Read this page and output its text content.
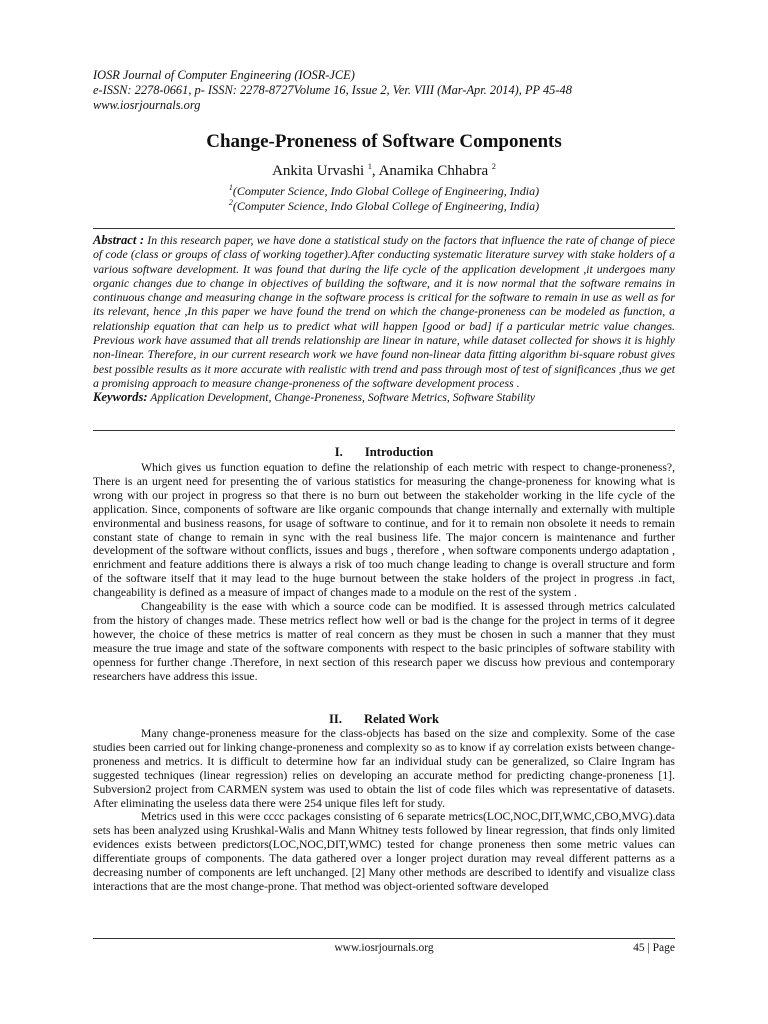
IOSR Journal of Computer Engineering (IOSR-JCE)
e-ISSN: 2278-0661, p- ISSN: 2278-8727Volume 16, Issue 2, Ver. VIII (Mar-Apr. 2014), PP 45-48
www.iosrjournals.org
Change-Proneness of Software Components
Ankita Urvashi $^1$, Anamika Chhabra $^2$
$^1$(Computer Science, Indo Global College of Engineering, India)
$^2$(Computer Science, Indo Global College of Engineering, India)
Abstract : In this research paper, we have done a statistical study on the factors that influence the rate of change of piece of code (class or groups of class of working together).After conducting systematic literature survey with stake holders of a various software development. It was found that during the life cycle of the application development ,it undergoes many organic changes due to change in objectives of building the software, and it is now normal that the software remains in continuous change and measuring change in the software process is critical for the software to remain in use as well as for its relevant, hence ,In this paper we have found the trend on which the change-proneness can be modeled as function, a relationship equation that can help us to predict what will happen [good or bad] if a particular metric value changes. Previous work have assumed that all trends relationship are linear in nature, while dataset collected for shows it is highly non-linear. Therefore, in our current research work we have found non-linear data fitting algorithm bi-square robust gives best possible results as it more accurate with realistic with trend and pass through most of test of significances ,thus we get a promising approach to measure change-proneness of the software development process .
Keywords: Application Development, Change-Proneness, Software Metrics, Software Stability
I. Introduction

Which gives us function equation to define the relationship of each metric with respect to change-proneness?, There is an urgent need for presenting the of various statistics for measuring the change-proneness for knowing what is wrong with our project in progress so that there is no burn out between the stakeholder working in the life cycle of the application. Since, components of software are like organic compounds that change internally and externally with multiple environmental and business reasons, for usage of software to continue, and for it to remain non obsolete it needs to remain constant state of change to remain in sync with the real business life. The major concern is maintenance and further development of the software without conflicts, issues and bugs , therefore , when software components undergo adaptation , enrichment and feature additions there is always a risk of too much change leading to change is overall structure and form of the software itself that it may lead to the huge burnout between the stake holders of the project in progress .in fact, changeability is defined as a measure of impact of changes made to a module on the rest of the system .

Changeability is the ease with which a source code can be modified. It is assessed through metrics calculated from the history of changes made. These metrics reflect how well or bad is the change for the project in terms of it degree however, the choice of these metrics is matter of real concern as they must be chosen in such a manner that they must measure the true image and state of the software components with respect to the basic principles of software stability with openness for further change .Therefore, in next section of this research paper we discuss how previous and contemporary researchers have address this issue.

II. Related Work

Many change-proneness measure for the class-objects has based on the size and complexity. Some of the case studies been carried out for linking change-proneness and complexity so as to know if ay correlation exists between change-proneness and metrics. It is difficult to determine how far an individual study can be generalized, so Claire Ingram has suggested techniques (linear regression) relies on developing an accurate method for predicting change-proneness [1]. Subversion2 project from CARMEN system was used to obtain the list of code files which was representative of datasets. After eliminating the useless data there were 254 unique files left for study.

Metrics used in this were cccc packages consisting of 6 separate metrics(LOC,NOC,DIT,WMC,CBO,MVG).data sets has been analyzed using Krushkal-Walis and Mann Whitney tests followed by linear regression, that finds only limited evidences exists between predictors(LOC,NOC,DIT,WMC) tested for change proneness then some metric values can differentiate groups of components. The data gathered over a longer project duration may reveal different patterns as a decreasing number of components are left unchanged. [2] Many other methods are described to identify and visualize class interactions that are the most change-prone. That method was object-oriented software developed

www.iosrjournals.org	45 | Page
